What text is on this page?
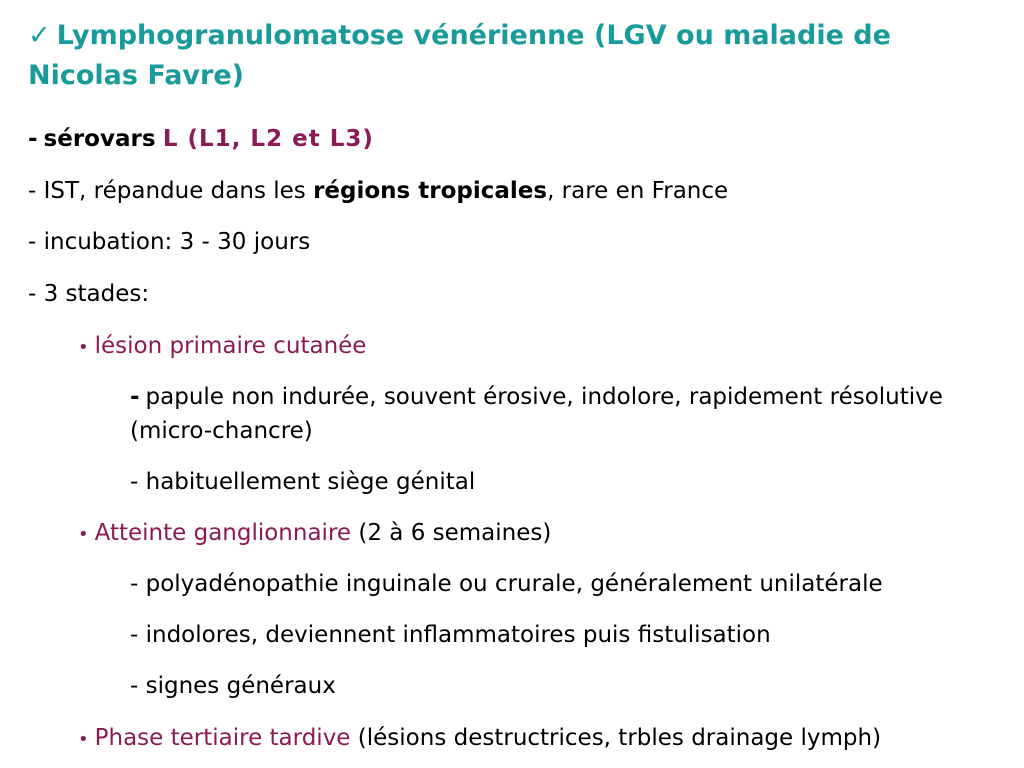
✓ Lymphogranulomatose vénérienne (LGV ou maladie de Nicolas Favre)
- sérovars L (L1, L2 et L3)
- IST, répandue dans les régions tropicales, rare en France
- incubation: 3 - 30 jours
- 3 stades:
• lésion primaire cutanée
- papule non indurée, souvent érosive, indolore, rapidement résolutive (micro-chancre)
- habituellement siège génital
• Atteinte ganglionnaire (2 à 6 semaines)
- polyadénopathie inguinale ou crurale, généralement unilatérale
- indolores, deviennent inflammatoires puis fistulisation
- signes généraux
• Phase tertiaire tardive (lésions destructrices, trbles drainage lymph)
